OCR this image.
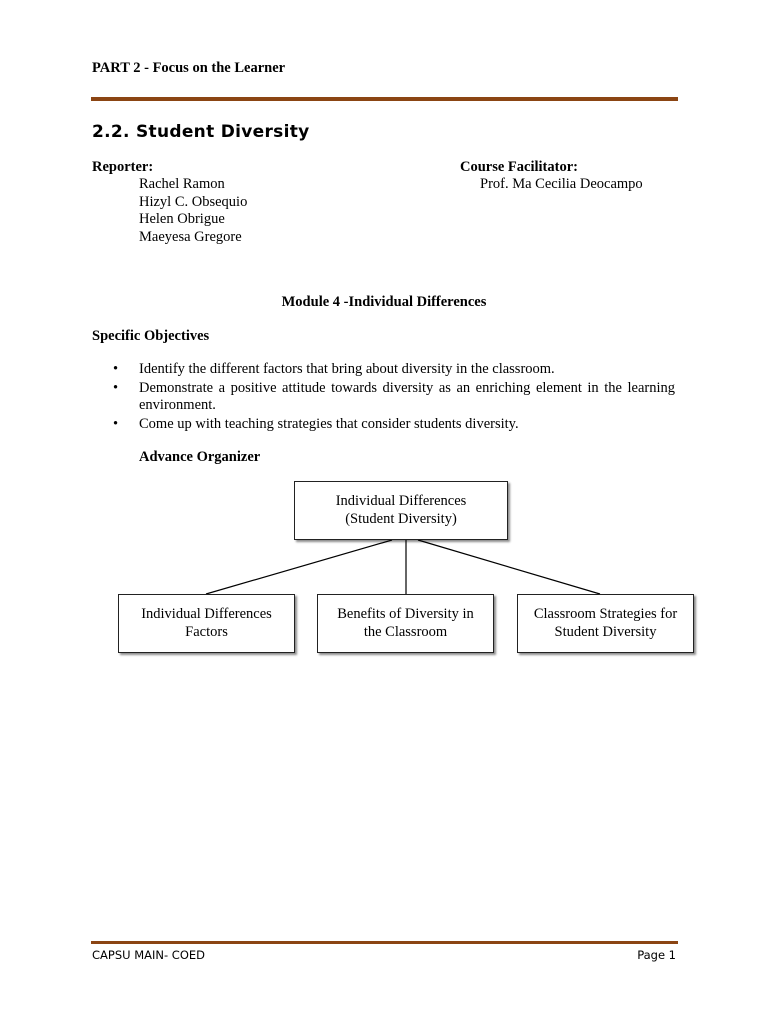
PART 2 - Focus on the Learner
2.2. Student Diversity
Reporter:
Rachel Ramon
Hizyl C. Obsequio
Helen Obrigue
Maeyesa Gregore
Course Facilitator:
Prof. Ma Cecilia Deocampo
Module 4 -Individual Differences
Specific Objectives
• Identify the different factors that bring about diversity in the classroom.
• Demonstrate a positive attitude towards diversity as an enriching element in the learning environment.
• Come up with teaching strategies that consider students diversity.
Advance Organizer
Individual Differences
(Student Diversity)
Individual Differences
Factors
Benefits of Diversity in
the Classroom
Classroom Strategies for
Student Diversity
CAPSU MAIN- COED	Page 1
